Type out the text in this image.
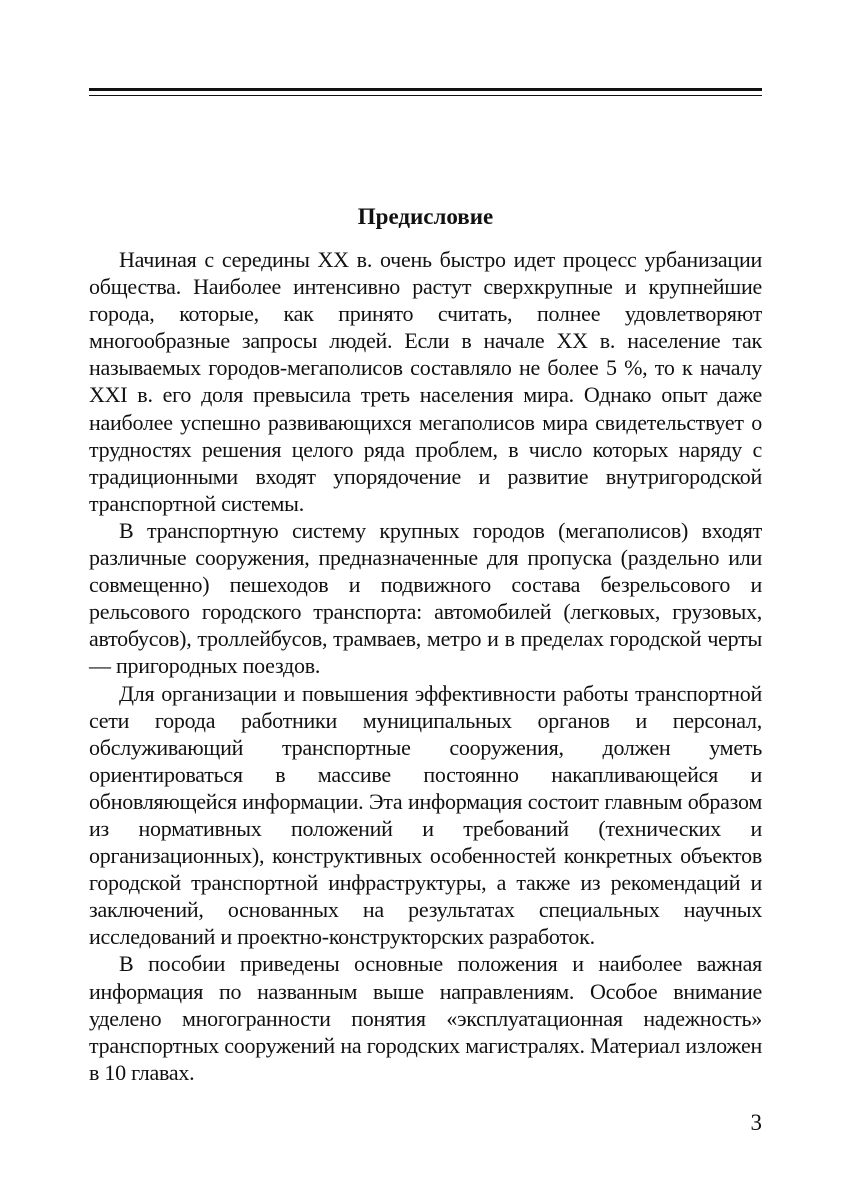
Предисловие

Начиная с середины XX в. очень быстро идет процесс урбанизации общества. Наиболее интенсивно растут сверхкрупные и крупнейшие города, которые, как принято считать, полнее удовлетворяют многообразные запросы людей. Если в начале XX в. население так называемых городов-мегаполисов составляло не более 5 %, то к началу XXI в. его доля превысила треть населения мира. Однако опыт даже наиболее успешно развивающихся мегаполисов мира свидетельствует о трудностях решения целого ряда проблем, в число которых наряду с традиционными входят упорядочение и развитие внутригородской транспортной системы.

В транспортную систему крупных городов (мегаполисов) входят различные сооружения, предназначенные для пропуска (раздельно или совмещенно) пешеходов и подвижного состава безрельсового и рельсового городского транспорта: автомобилей (легковых, грузовых, автобусов), троллейбусов, трамваев, метро и в пределах городской черты — пригородных поездов.

Для организации и повышения эффективности работы транспортной сети города работники муниципальных органов и персонал, обслуживающий транспортные сооружения, должен уметь ориентироваться в массиве постоянно накапливающейся и обновляющейся информации. Эта информация состоит главным образом из нормативных положений и требований (технических и организационных), конструктивных особенностей конкретных объектов городской транспортной инфраструктуры, а также из рекомендаций и заключений, основанных на результатах специальных научных исследований и проектно-конструкторских разработок.

В пособии приведены основные положения и наиболее важная информация по названным выше направлениям. Особое внимание уделено многогранности понятия «эксплуатационная надежность» транспортных сооружений на городских магистралях. Материал изложен в 10 главах.

3
